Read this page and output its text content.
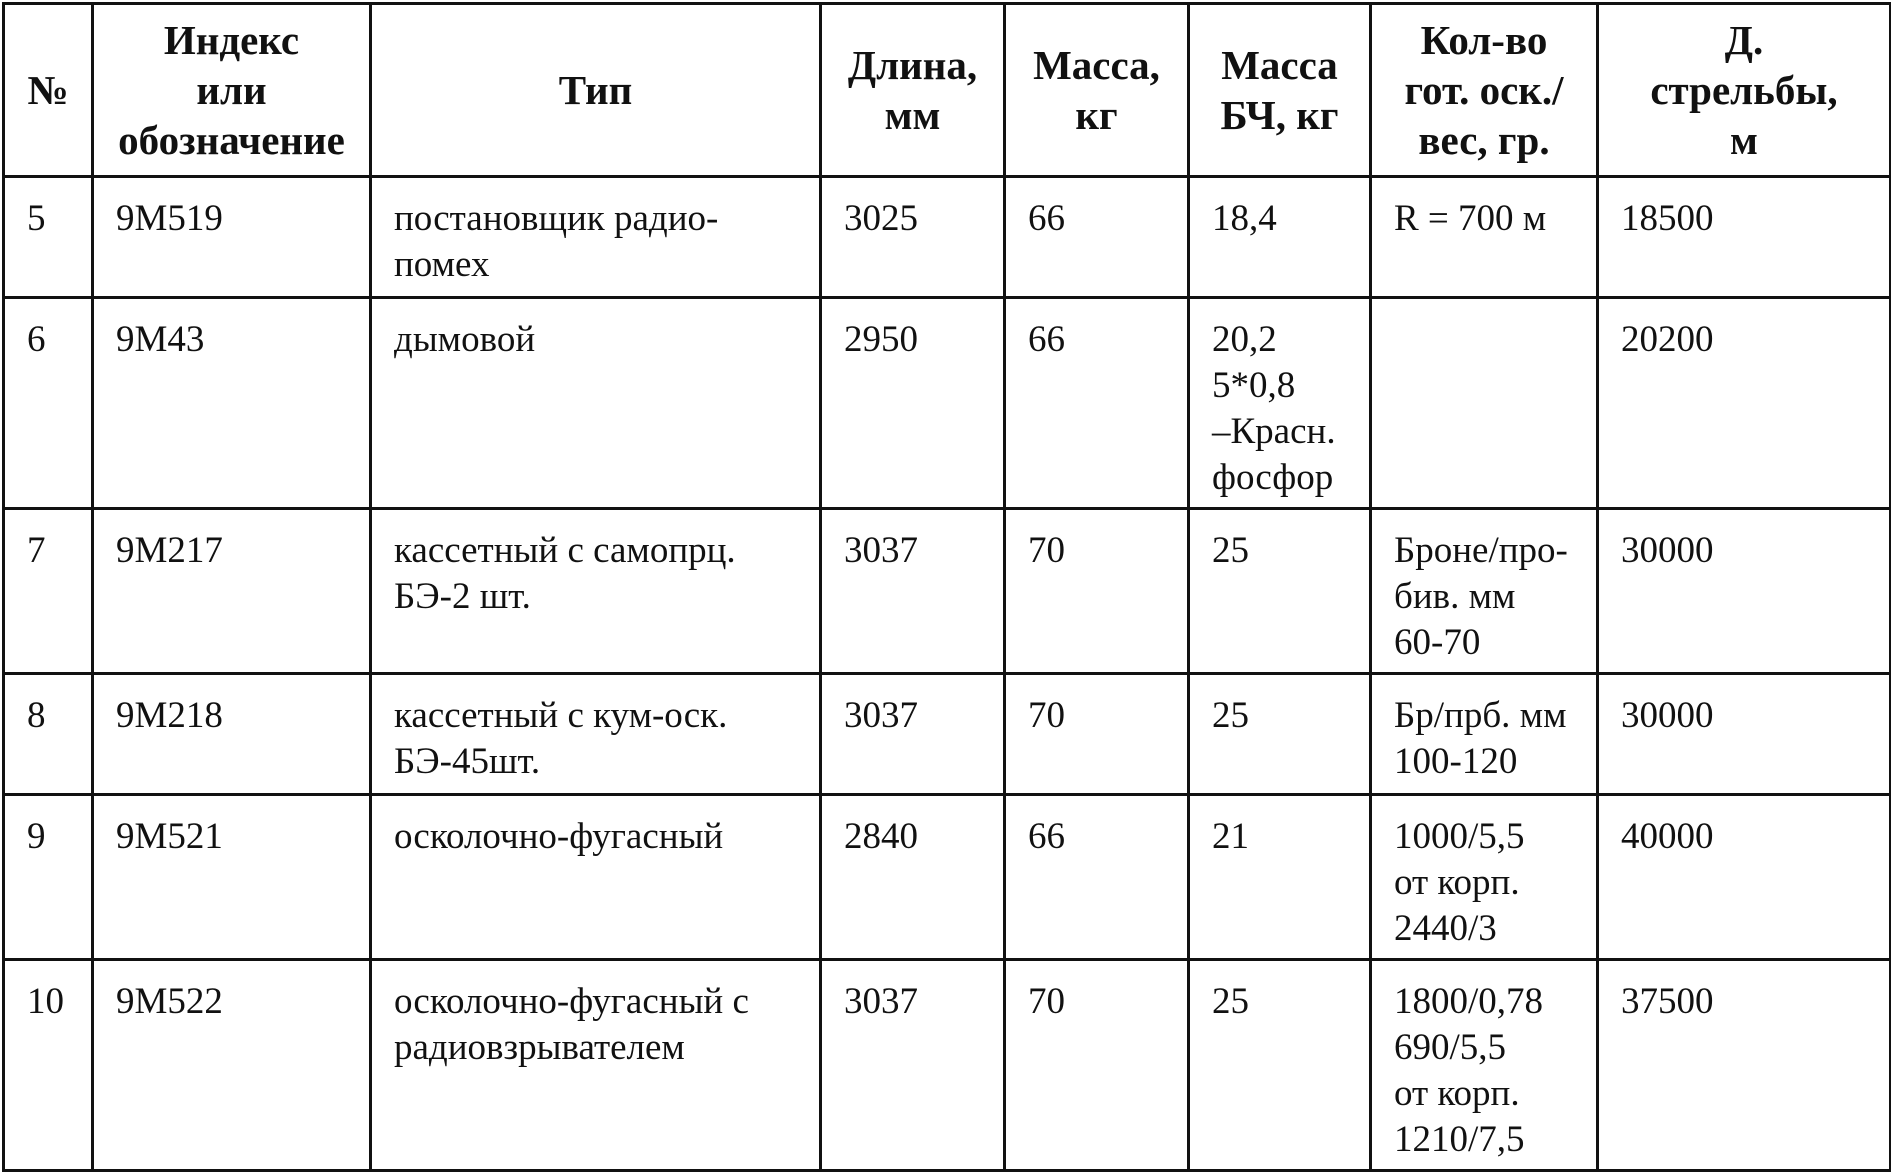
№	Индекс
или
обозначение	Тип	Длина,
мм	Масса,
кг	Масса
БЧ, кг	Кол-во
гот. оск./
вес, гр.	Д.
стрельбы,
м

5	9М519	постановщик радио-
помех	3025	66	18,4	R = 700 м	18500

6	9М43	дымовой	2950	66	20,2
5*0,8
–Красн.
фосфор		20200

7	9М217	кассетный с самопрц.
БЭ-2 шт.	3037	70	25	Броне/про-
бив. мм
60-70	30000

8	9М218	кассетный с кум-оск.
БЭ-45шт.	3037	70	25	Бр/прб. мм
100-120	30000

9	9М521	осколочно-фугасный	2840	66	21	1000/5,5
от корп.
2440/3	40000

10	9М522	осколочно-фугасный с
радиовзрывателем	3037	70	25	1800/0,78
690/5,5
от корп.
1210/7,5	37500
